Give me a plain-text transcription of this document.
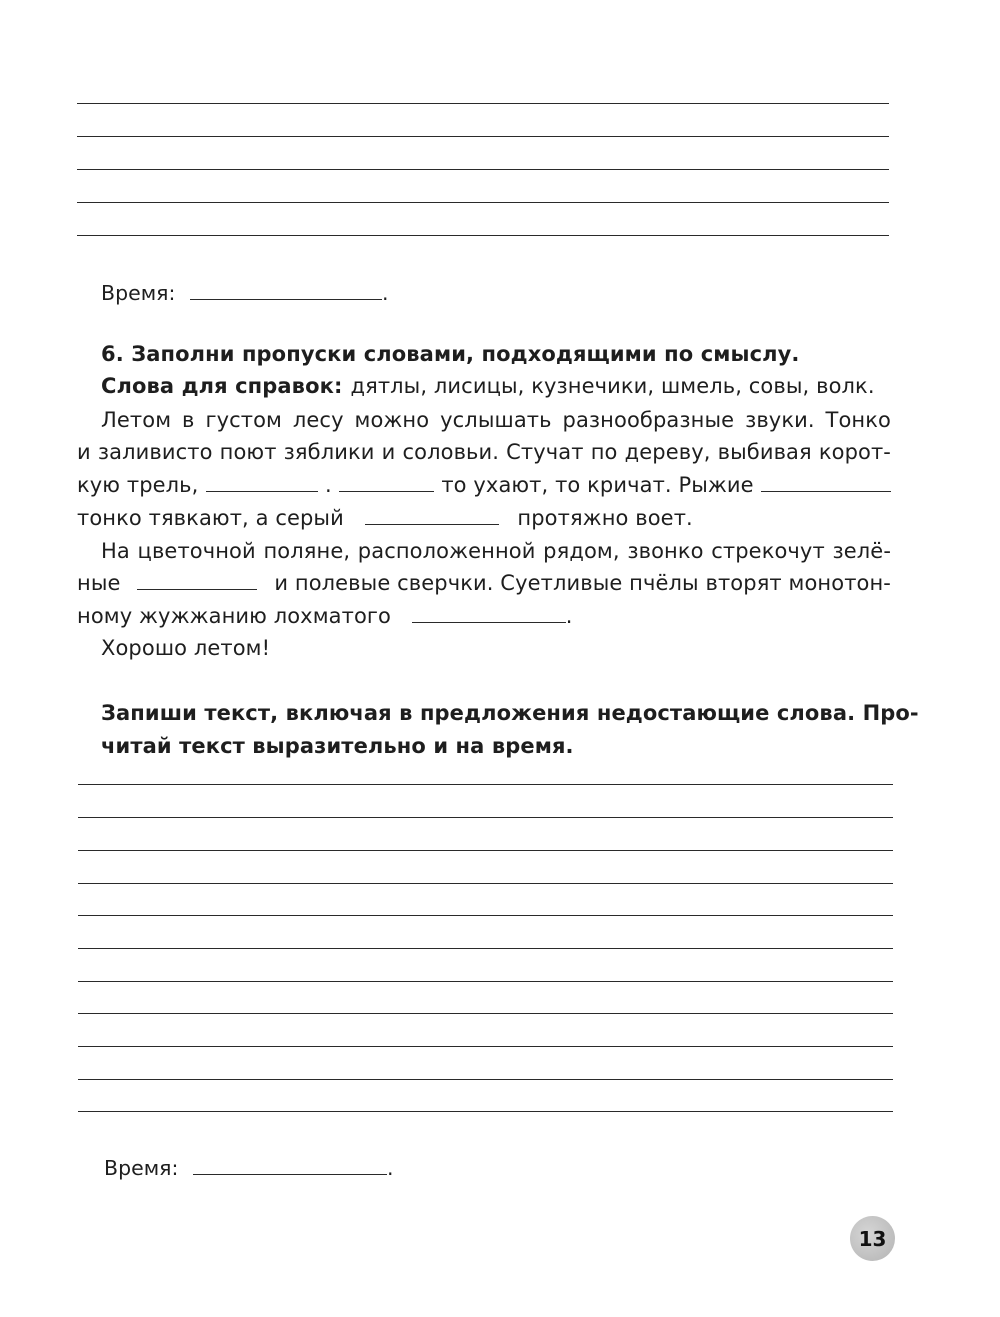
Время:	.
6. Заполни пропуски словами, подходящими по смыслу.
Слова для справок: дятлы, лисицы, кузнечики, шмель, совы, волк.
Летом в густом лесу можно услышать разнообразные звуки. Тонко
и заливисто поют зяблики и соловьи. Стучат по дереву, выбивая корот-
кую трель,	.	то ухают, то кричат. Рыжие
тонко тявкают, а серый	протяжно воет.
На цветочной поляне, расположенной рядом, звонко стрекочут зелё-
ные	и полевые сверчки. Суетливые пчёлы вторят монотон-
ному жужжанию лохматого	.
Хорошо летом!
Запиши текст, включая в предложения недостающие слова. Про-
читай текст выразительно и на время.
Время:	.
13
